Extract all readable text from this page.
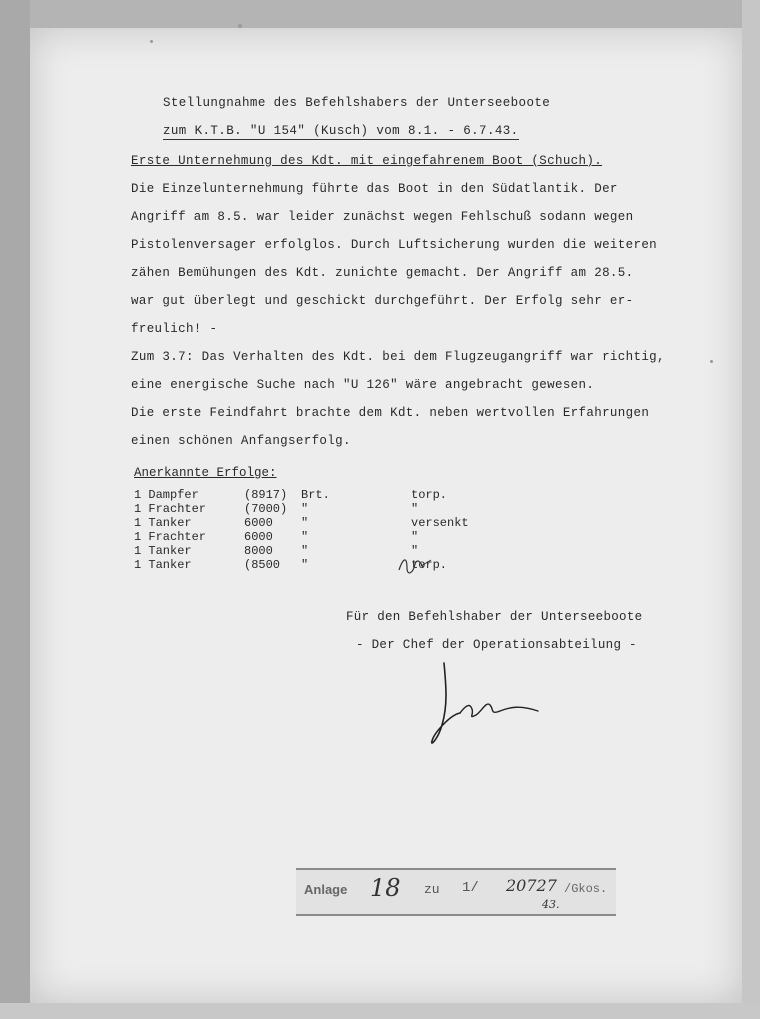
Stellungnahme des Befehlshabers der Unterseeboote
zum K.T.B. "U 154" (Kusch) vom 8.1. - 6.7.43.
Erste Unternehmung des Kdt. mit eingefahrenem Boot (Schuch).
Die Einzelunternehmung führte das Boot in den Südatlantik. Der
Angriff am 8.5. war leider zunächst wegen Fehlschuß sodann wegen
Pistolenversager erfolglos. Durch Luftsicherung wurden die weiteren
zähen Bemühungen des Kdt. zunichte gemacht. Der Angriff am 28.5.
war gut überlegt und geschickt durchgeführt. Der Erfolg sehr er-
freulich! -
Zum 3.7: Das Verhalten des Kdt. bei dem Flugzeugangriff war richtig,
eine energische Suche nach "U 126" wäre angebracht gewesen.
Die erste Feindfahrt brachte dem Kdt. neben wertvollen Erfahrungen
einen schönen Anfangserfolg.
Anerkannte Erfolge:
1 Dampfer	(8917)	Brt.	torp.
1 Frachter	(7000)	"	"
1 Tanker	6000	"	versenkt
1 Frachter	6000	"	"
1 Tanker	8000	"	"
1 Tanker	(8500	"	torp.
Für den Befehlshaber der Unterseeboote
- Der Chef der Operationsabteilung -
Anlage 18 zu 1/ 20727 /Gkos.
43.
